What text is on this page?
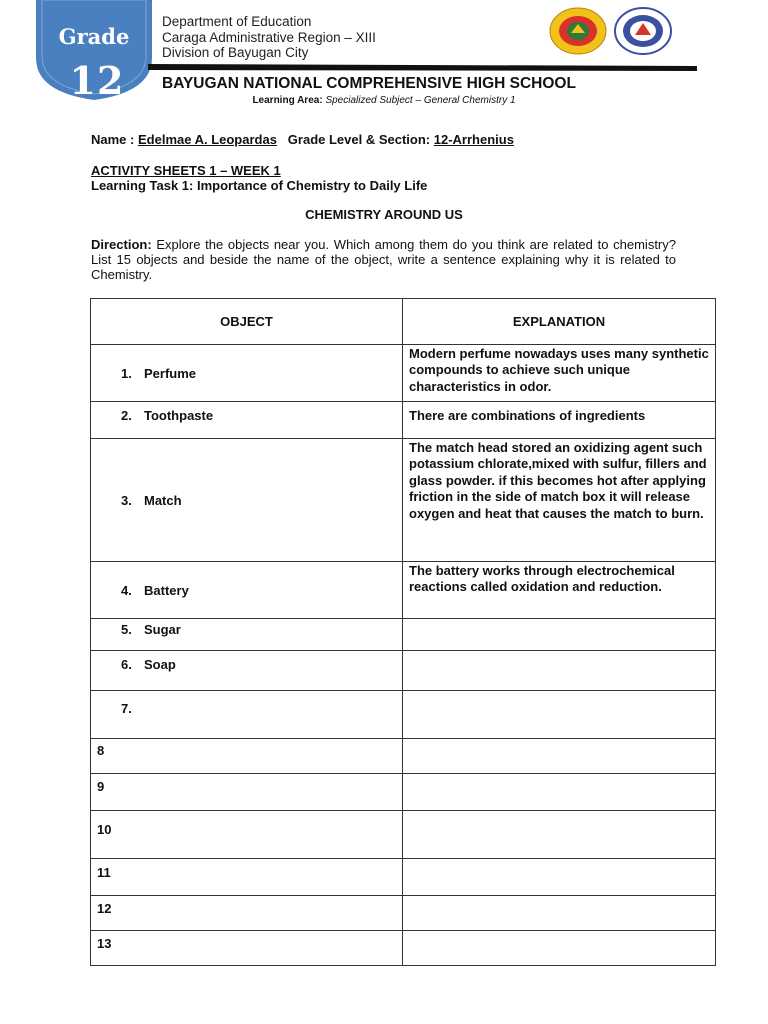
Grade
12
Department of Education
Caraga Administrative Region – XIII
Division of Bayugan City
BAYUGAN NATIONAL COMPREHENSIVE HIGH SCHOOL
Learning Area: Specialized Subject – General Chemistry 1
Name : Edelmae A. Leopardas Grade Level & Section: 12-Arrhenius
ACTIVITY SHEETS 1 – WEEK 1
Learning Task 1: Importance of Chemistry to Daily Life
CHEMISTRY AROUND US
Direction: Explore the objects near you. Which among them do you think are related to chemistry? List 15 objects and beside the name of the object, write a sentence explaining why it is related to Chemistry.
OBJECT	EXPLANATION
1. Perfume	Modern perfume nowadays uses many synthetic compounds to achieve such unique characteristics in odor.
2. Toothpaste	There are combinations of ingredients
3. Match	The match head stored an oxidizing agent such potassium chlorate,mixed with sulfur, fillers and glass powder. if this becomes hot after applying friction in the side of match box it will release oxygen and heat that causes the match to burn.
4. Battery	The battery works through electrochemical reactions called oxidation and reduction.
5. Sugar	
6. Soap	
7.	
8	
9	
10	
11	
12	
13	
